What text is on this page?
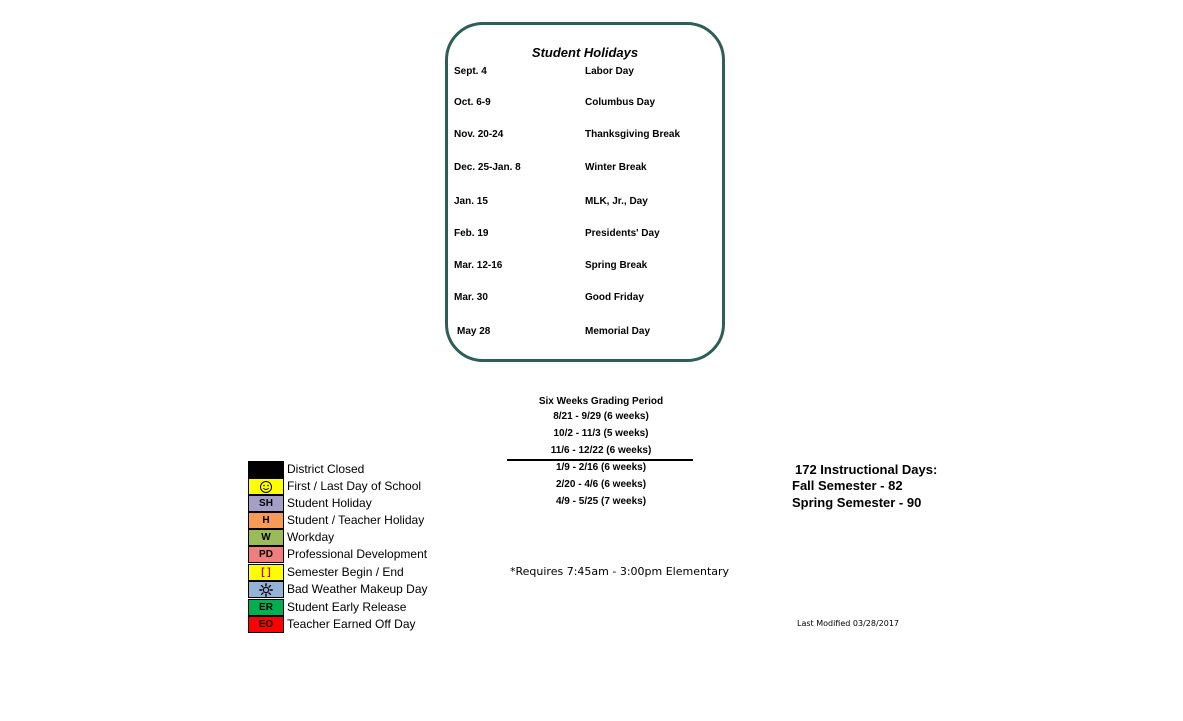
Student Holidays
Sept. 4	Labor Day
Oct. 6-9	Columbus Day
Nov. 20-24	Thanksgiving Break
Dec. 25-Jan. 8	Winter Break
Jan. 15	MLK, Jr., Day
Feb. 19	Presidents' Day
Mar. 12-16	Spring Break
Mar. 30	Good Friday
May 28	Memorial Day
Six Weeks Grading Period
8/21 - 9/29 (6 weeks)
10/2 - 11/3 (5 weeks)
11/6 - 12/22 (6 weeks)
1/9 - 2/16 (6 weeks)
2/20 - 4/6 (6 weeks)
4/9 - 5/25 (7 weeks)
District Closed
First / Last Day of School
SH	Student Holiday
H	Student / Teacher Holiday
W	Workday
PD	Professional Development
[ ]	Semester Begin / End
Bad Weather Makeup Day
ER	Student Early Release
EO	Teacher Earned Off Day
172 Instructional Days:
Fall Semester - 82
Spring Semester - 90
*Requires 7:45am - 3:00pm Elementary
Last Modified 03/28/2017
